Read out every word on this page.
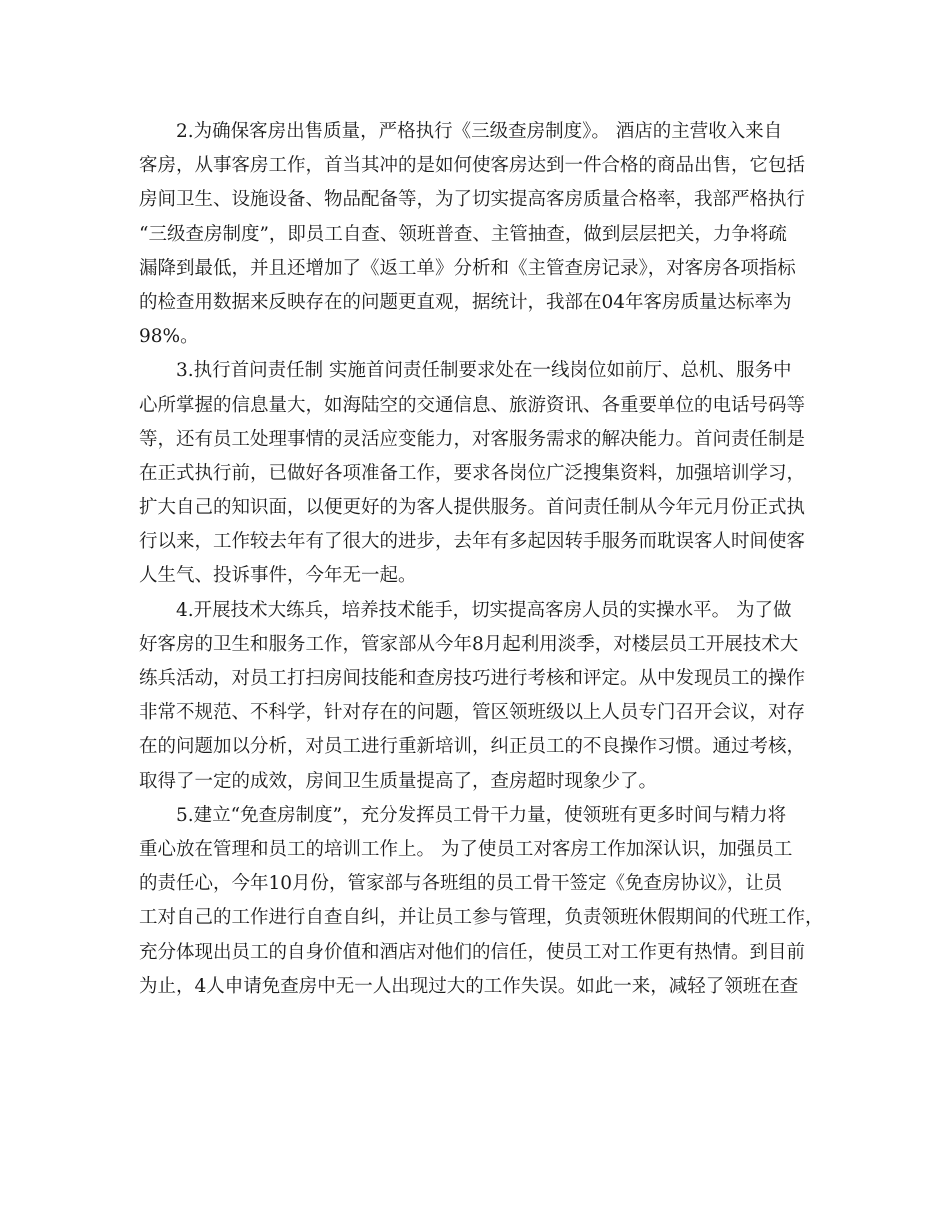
2.为确保客房出售质量，严格执行《三级查房制度》。 酒店的主营收入来自
客房，从事客房工作，首当其冲的是如何使客房达到一件合格的商品出售，它包括
房间卫生、设施设备、物品配备等，为了切实提高客房质量合格率，我部严格执行
“三级查房制度”，即员工自查、领班普查、主管抽查，做到层层把关，力争将疏
漏降到最低，并且还增加了《返工单》分析和《主管查房记录》，对客房各项指标
的检查用数据来反映存在的问题更直观，据统计，我部在04年客房质量达标率为
98%。
3.执行首问责任制 实施首问责任制要求处在一线岗位如前厅、总机、服务中
心所掌握的信息量大，如海陆空的交通信息、旅游资讯、各重要单位的电话号码等
等，还有员工处理事情的灵活应变能力，对客服务需求的解决能力。首问责任制是
在正式执行前，已做好各项准备工作，要求各岗位广泛搜集资料，加强培训学习，
扩大自己的知识面，以便更好的为客人提供服务。首问责任制从今年元月份正式执
行以来，工作较去年有了很大的进步，去年有多起因转手服务而耽误客人时间使客
人生气、投诉事件，今年无一起。
4.开展技术大练兵，培养技术能手，切实提高客房人员的实操水平。 为了做
好客房的卫生和服务工作，管家部从今年8月起利用淡季，对楼层员工开展技术大
练兵活动，对员工打扫房间技能和查房技巧进行考核和评定。从中发现员工的操作
非常不规范、不科学，针对存在的问题，管区领班级以上人员专门召开会议，对存
在的问题加以分析，对员工进行重新培训，纠正员工的不良操作习惯。通过考核，
取得了一定的成效，房间卫生质量提高了，查房超时现象少了。
5.建立“免查房制度”，充分发挥员工骨干力量，使领班有更多时间与精力将
重心放在管理和员工的培训工作上。 为了使员工对客房工作加深认识，加强员工
的责任心，今年10月份，管家部与各班组的员工骨干签定《免查房协议》，让员
工对自己的工作进行自查自纠，并让员工参与管理，负责领班休假期间的代班工作，
充分体现出员工的自身价值和酒店对他们的信任，使员工对工作更有热情。到目前
为止，4人申请免查房中无一人出现过大的工作失误。如此一来，减轻了领班在查
